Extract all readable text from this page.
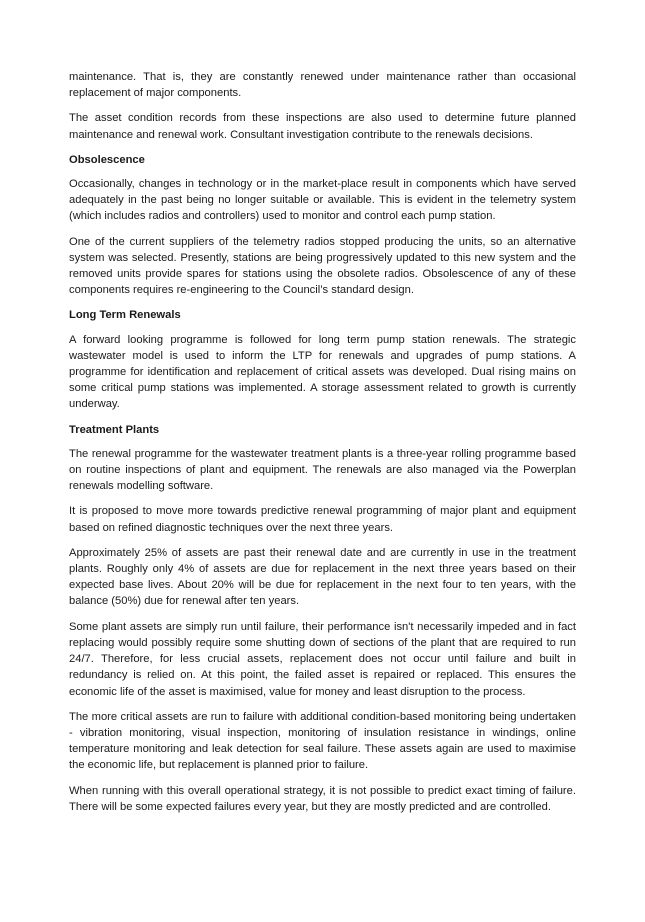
maintenance. That is, they are constantly renewed under maintenance rather than occasional replacement of major components.

The asset condition records from these inspections are also used to determine future planned maintenance and renewal work. Consultant investigation contribute to the renewals decisions.

Obsolescence

Occasionally, changes in technology or in the market-place result in components which have served adequately in the past being no longer suitable or available. This is evident in the telemetry system (which includes radios and controllers) used to monitor and control each pump station.

One of the current suppliers of the telemetry radios stopped producing the units, so an alternative system was selected. Presently, stations are being progressively updated to this new system and the removed units provide spares for stations using the obsolete radios. Obsolescence of any of these components requires re-engineering to the Council’s standard design.

Long Term Renewals

A forward looking programme is followed for long term pump station renewals. The strategic wastewater model is used to inform the LTP for renewals and upgrades of pump stations. A programme for identification and replacement of critical assets was developed. Dual rising mains on some critical pump stations was implemented. A storage assessment related to growth is currently underway.

Treatment Plants

The renewal programme for the wastewater treatment plants is a three-year rolling programme based on routine inspections of plant and equipment. The renewals are also managed via the Powerplan renewals modelling software.

It is proposed to move more towards predictive renewal programming of major plant and equipment based on refined diagnostic techniques over the next three years.

Approximately 25% of assets are past their renewal date and are currently in use in the treatment plants. Roughly only 4% of assets are due for replacement in the next three years based on their expected base lives. About 20% will be due for replacement in the next four to ten years, with the balance (50%) due for renewal after ten years.

Some plant assets are simply run until failure, their performance isn't necessarily impeded and in fact replacing would possibly require some shutting down of sections of the plant that are required to run 24/7. Therefore, for less crucial assets, replacement does not occur until failure and built in redundancy is relied on. At this point, the failed asset is repaired or replaced. This ensures the economic life of the asset is maximised, value for money and least disruption to the process.

The more critical assets are run to failure with additional condition-based monitoring being undertaken - vibration monitoring, visual inspection, monitoring of insulation resistance in windings, online temperature monitoring and leak detection for seal failure. These assets again are used to maximise the economic life, but replacement is planned prior to failure.

When running with this overall operational strategy, it is not possible to predict exact timing of failure. There will be some expected failures every year, but they are mostly predicted and are controlled.
